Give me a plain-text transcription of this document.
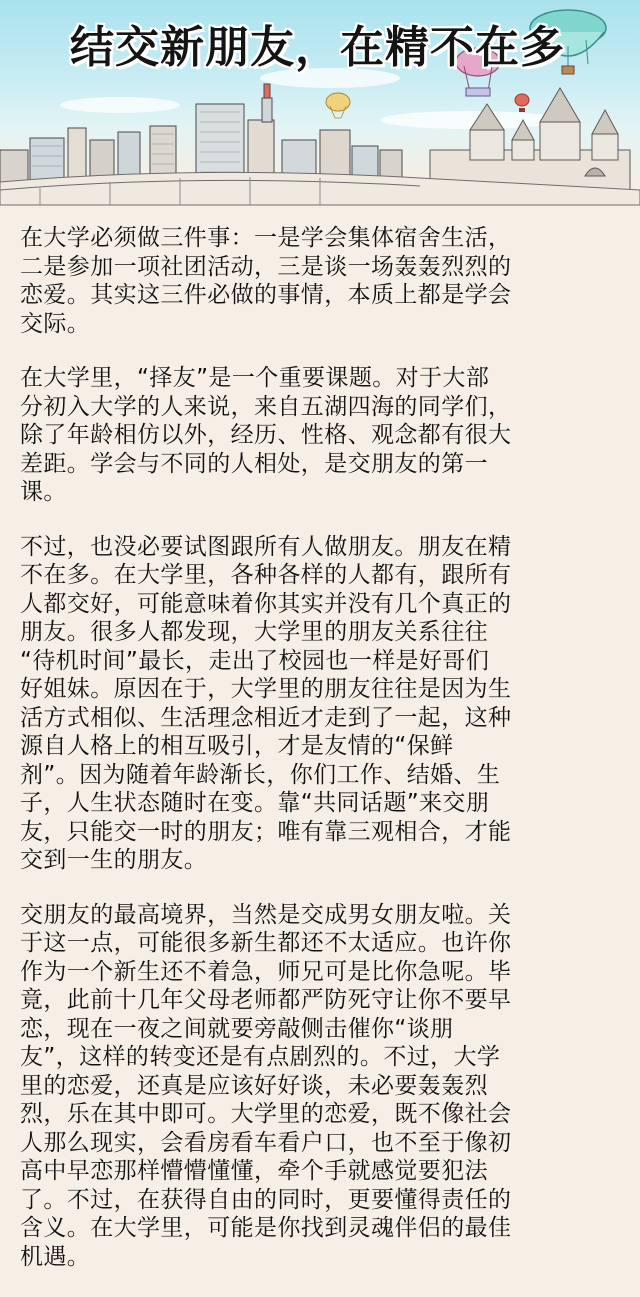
结交新朋友，在精不在多

在大学必须做三件事：一是学会集体宿舍生活，
二是参加一项社团活动，三是谈一场轰轰烈烈的
恋爱。其实这三件必做的事情，本质上都是学会
交际。

在大学里，“择友”是一个重要课题。对于大部
分初入大学的人来说，来自五湖四海的同学们，
除了年龄相仿以外，经历、性格、观念都有很大
差距。学会与不同的人相处，是交朋友的第一
课。

不过，也没必要试图跟所有人做朋友。朋友在精
不在多。在大学里，各种各样的人都有，跟所有
人都交好，可能意味着你其实并没有几个真正的
朋友。很多人都发现，大学里的朋友关系往往
“待机时间”最长，走出了校园也一样是好哥们
好姐妹。原因在于，大学里的朋友往往是因为生
活方式相似、生活理念相近才走到了一起，这种
源自人格上的相互吸引，才是友情的“保鲜
剂”。因为随着年龄渐长，你们工作、结婚、生
子，人生状态随时在变。靠“共同话题”来交朋
友，只能交一时的朋友；唯有靠三观相合，才能
交到一生的朋友。

交朋友的最高境界，当然是交成男女朋友啦。关
于这一点，可能很多新生都还不太适应。也许你
作为一个新生还不着急，师兄可是比你急呢。毕
竟，此前十几年父母老师都严防死守让你不要早
恋，现在一夜之间就要旁敲侧击催你“谈朋
友”，这样的转变还是有点剧烈的。不过，大学
里的恋爱，还真是应该好好谈，未必要轰轰烈
烈，乐在其中即可。大学里的恋爱，既不像社会
人那么现实，会看房看车看户口，也不至于像初
高中早恋那样懵懵懂懂，牵个手就感觉要犯法
了。不过，在获得自由的同时，更要懂得责任的
含义。在大学里，可能是你找到灵魂伴侣的最佳
机遇。
